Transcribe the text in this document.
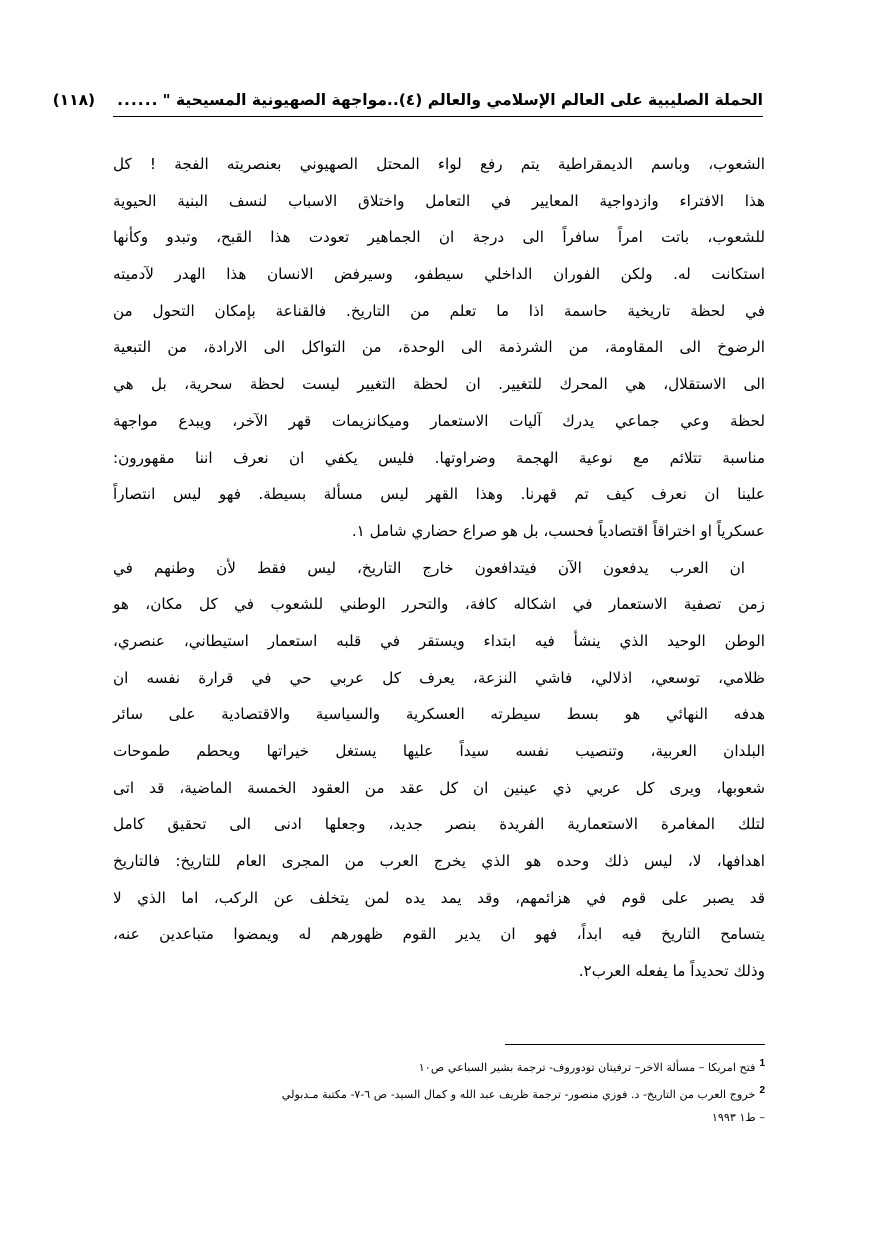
الحملة الصليبية على العالم الإسلامي والعالم (٤)..مواجهة الصهيونية المسيحية "
......
(١١٨)
الشعوب، وباسم الديمقراطية يتم رفع لواء المحتل الصهيوني بعنصريته الفجة ! كل
هذا الافتراء وازدواجية المعايير في التعامل واختلاق الاسباب لنسف البنية الحيوية
للشعوب، باتت امراً سافراً الى درجة ان الجماهير تعودت هذا القبح، وتبدو وكأنها
استكانت له. ولكن الفوران الداخلي سيطفو، وسيرفض الانسان هذا الهدر لآدميته
في لحظة تاريخية حاسمة اذا ما تعلم من التاريخ. فالقناعة بإمكان التحول من
الرضوخ الى المقاومة، من الشرذمة الى الوحدة، من التواكل الى الارادة، من التبعية
الى الاستقلال، هي المحرك للتغيير. ان لحظة التغيير ليست لحظة سحرية، بل هي
لحظة وعي جماعي يدرك آليات الاستعمار وميكانزيمات قهر الآخر، ويبدع مواجهة
مناسبة تتلائم مع نوعية الهجمة وضراوتها. فليس يكفي ان نعرف اننا مقهورون:
علينا ان نعرف كيف تم قهرنا. وهذا القهر ليس مسألة بسيطة. فهو ليس انتصاراً
عسكرياً او اختراقاً اقتصادياً فحسب، بل هو صراع حضاري شامل ١.
ان العرب يدفعون الآن فيتدافعون خارج التاريخ، ليس فقط لأن وطنهم في
زمن تصفية الاستعمار في اشكاله كافة، والتحرر الوطني للشعوب في كل مكان، هو
الوطن الوحيد الذي ينشأ فيه ابتداء ويستقر في قلبه استعمار استيطاني، عنصري،
ظلامي، توسعي، اذلالي، فاشي النزعة، يعرف كل عربي حي في قرارة نفسه ان
هدفه النهائي هو بسط سيطرته العسكرية والسياسية والاقتصادية على سائر
البلدان العربية، وتنصيب نفسه سيداً عليها يستغل خيراتها ويحطم طموحات
شعوبها، ويرى كل عربي ذي عينين ان كل عقد من العقود الخمسة الماضية، قد اتى
لتلك المغامرة الاستعمارية الفريدة بنصر جديد، وجعلها ادنى الى تحقيق كامل
اهدافها، لا، ليس ذلك وحده هو الذي يخرج العرب من المجرى العام للتاريخ: فالتاريخ
قد يصبر على قوم في هزائمهم، وقد يمد يده لمن يتخلف عن الركب، اما الذي لا
يتسامح التاريخ فيه ابداً، فهو ان يدير القوم ظهورهم له ويمضوا متباعدين عنه،
وذلك تحديداً ما يفعله العرب٢.
$^1$فتح امريكا – مسألة الاخر– ترفيتان تودوروف- ترجمة بشير السباعي ص١٠
$^2$خروج العرب من التاريخ- د. فوزي منصور- ترجمة ظريف عبد الله و كمال السيد- ص ٦-٧- مكتبة مـدبولي
– ط١ ١٩٩٣
